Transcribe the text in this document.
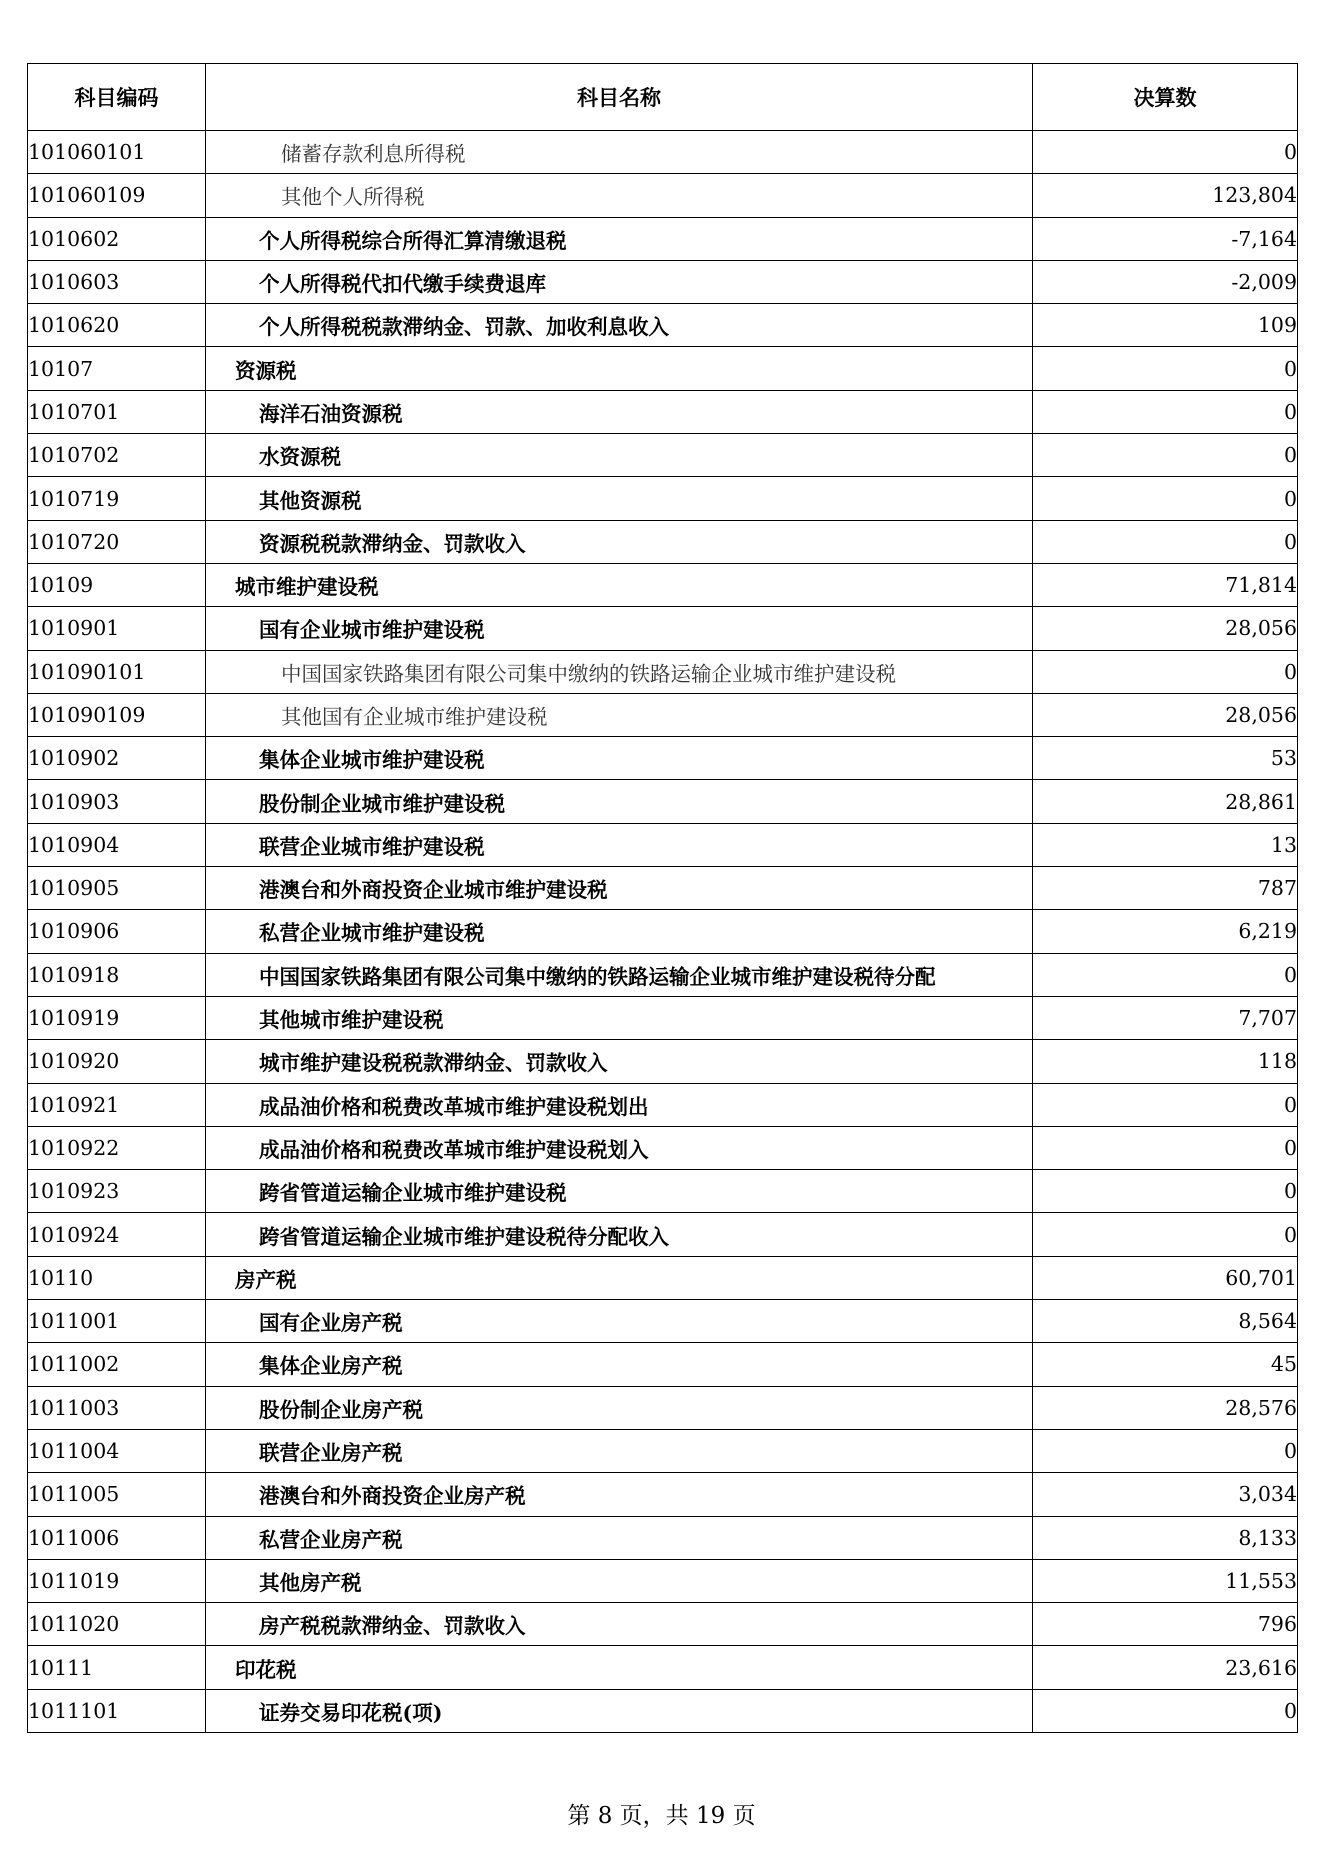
科目编码	科目名称	决算数
101060101	储蓄存款利息所得税	0
101060109	其他个人所得税	123,804
1010602	个人所得税综合所得汇算清缴退税	-7,164
1010603	个人所得税代扣代缴手续费退库	-2,009
1010620	个人所得税税款滞纳金、罚款、加收利息收入	109
10107	资源税	0
1010701	海洋石油资源税	0
1010702	水资源税	0
1010719	其他资源税	0
1010720	资源税税款滞纳金、罚款收入	0
10109	城市维护建设税	71,814
1010901	国有企业城市维护建设税	28,056
101090101	中国国家铁路集团有限公司集中缴纳的铁路运输企业城市维护建设税	0
101090109	其他国有企业城市维护建设税	28,056
1010902	集体企业城市维护建设税	53
1010903	股份制企业城市维护建设税	28,861
1010904	联营企业城市维护建设税	13
1010905	港澳台和外商投资企业城市维护建设税	787
1010906	私营企业城市维护建设税	6,219
1010918	中国国家铁路集团有限公司集中缴纳的铁路运输企业城市维护建设税待分配	0
1010919	其他城市维护建设税	7,707
1010920	城市维护建设税税款滞纳金、罚款收入	118
1010921	成品油价格和税费改革城市维护建设税划出	0
1010922	成品油价格和税费改革城市维护建设税划入	0
1010923	跨省管道运输企业城市维护建设税	0
1010924	跨省管道运输企业城市维护建设税待分配收入	0
10110	房产税	60,701
1011001	国有企业房产税	8,564
1011002	集体企业房产税	45
1011003	股份制企业房产税	28,576
1011004	联营企业房产税	0
1011005	港澳台和外商投资企业房产税	3,034
1011006	私营企业房产税	8,133
1011019	其他房产税	11,553
1011020	房产税税款滞纳金、罚款收入	796
10111	印花税	23,616
1011101	证券交易印花税(项)	0
第 8 页，共 19 页
